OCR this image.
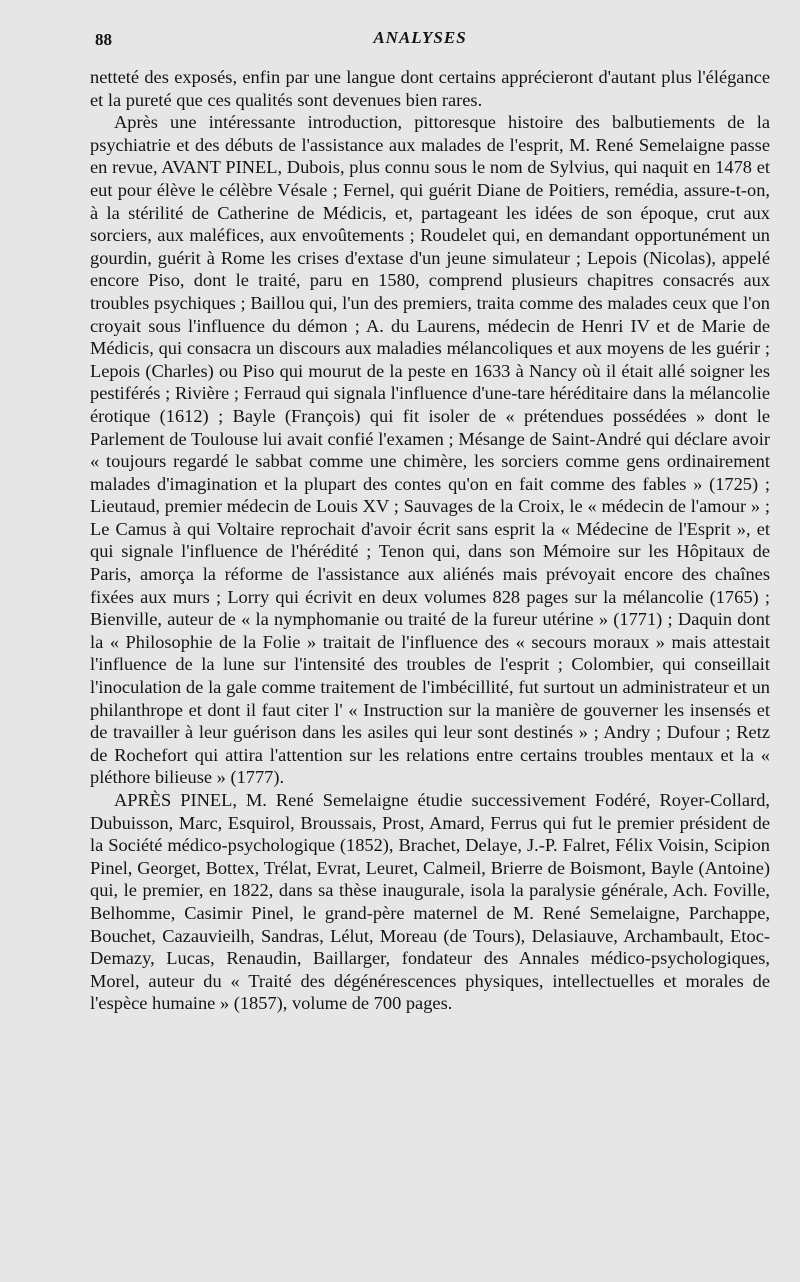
88	ANALYSES

netteté des exposés, enfin par une langue dont certains apprécieront d'autant plus l'élégance et la pureté que ces qualités sont devenues bien rares.

Après une intéressante introduction, pittoresque histoire des balbutiements de la psychiatrie et des débuts de l'assistance aux malades de l'esprit, M. René Semelaigne passe en revue, AVANT PINEL, Dubois, plus connu sous le nom de Sylvius, qui naquit en 1478 et eut pour élève le célèbre Vésale ; Fernel, qui guérit Diane de Poitiers, remédia, assure-t-on, à la stérilité de Catherine de Médicis, et, partageant les idées de son époque, crut aux sorciers, aux maléfices, aux envoûtements ; Roudelet qui, en demandant opportunément un gourdin, guérit à Rome les crises d'extase d'un jeune simulateur ; Lepois (Nicolas), appelé encore Piso, dont le traité, paru en 1580, comprend plusieurs chapitres consacrés aux troubles psychiques ; Baillou qui, l'un des premiers, traita comme des malades ceux que l'on croyait sous l'influence du démon ; A. du Laurens, médecin de Henri IV et de Marie de Médicis, qui consacra un discours aux maladies mélancoliques et aux moyens de les guérir ; Lepois (Charles) ou Piso qui mourut de la peste en 1633 à Nancy où il était allé soigner les pestiférés ; Rivière ; Ferraud qui signala l'influence d'une-tare héréditaire dans la mélancolie érotique (1612) ; Bayle (François) qui fit isoler de « prétendues possédées » dont le Parlement de Toulouse lui avait confié l'examen ; Mésange de Saint-André qui déclare avoir « toujours regardé le sabbat comme une chimère, les sorciers comme gens ordinairement malades d'imagination et la plupart des contes qu'on en fait comme des fables » (1725) ; Lieutaud, premier médecin de Louis XV ; Sauvages de la Croix, le « médecin de l'amour » ; Le Camus à qui Voltaire reprochait d'avoir écrit sans esprit la « Médecine de l'Esprit », et qui signale l'influence de l'hérédité ; Tenon qui, dans son Mémoire sur les Hôpitaux de Paris, amorça la réforme de l'assistance aux aliénés mais prévoyait encore des chaînes fixées aux murs ; Lorry qui écrivit en deux volumes 828 pages sur la mélancolie (1765) ; Bienville, auteur de « la nymphomanie ou traité de la fureur utérine » (1771) ; Daquin dont la « Philosophie de la Folie » traitait de l'influence des « secours moraux » mais attestait l'influence de la lune sur l'intensité des troubles de l'esprit ; Colombier, qui conseillait l'inoculation de la gale comme traitement de l'imbécillité, fut surtout un administrateur et un philanthrope et dont il faut citer l' « Instruction sur la manière de gouverner les insensés et de travailler à leur guérison dans les asiles qui leur sont destinés » ; Andry ; Dufour ; Retz de Rochefort qui attira l'attention sur les relations entre certains troubles mentaux et la « pléthore bilieuse » (1777).

APRÈS PINEL, M. René Semelaigne étudie successivement Fodéré, Royer-Collard, Dubuisson, Marc, Esquirol, Broussais, Prost, Amard, Ferrus qui fut le premier président de la Société médico-psychologique (1852), Brachet, Delaye, J.-P. Falret, Félix Voisin, Scipion Pinel, Georget, Bottex, Trélat, Evrat, Leuret, Calmeil, Brierre de Boismont, Bayle (Antoine) qui, le premier, en 1822, dans sa thèse inaugurale, isola la paralysie générale, Ach. Foville, Belhomme, Casimir Pinel, le grand-père maternel de M. René Semelaigne, Parchappe, Bouchet, Cazauvieilh, Sandras, Lélut, Moreau (de Tours), Delasiauve, Archambault, Etoc-Demazy, Lucas, Renaudin, Baillarger, fondateur des Annales médico-psychologiques, Morel, auteur du « Traité des dégénérescences physiques, intellectuelles et morales de l'espèce humaine » (1857), volume de 700 pages.
